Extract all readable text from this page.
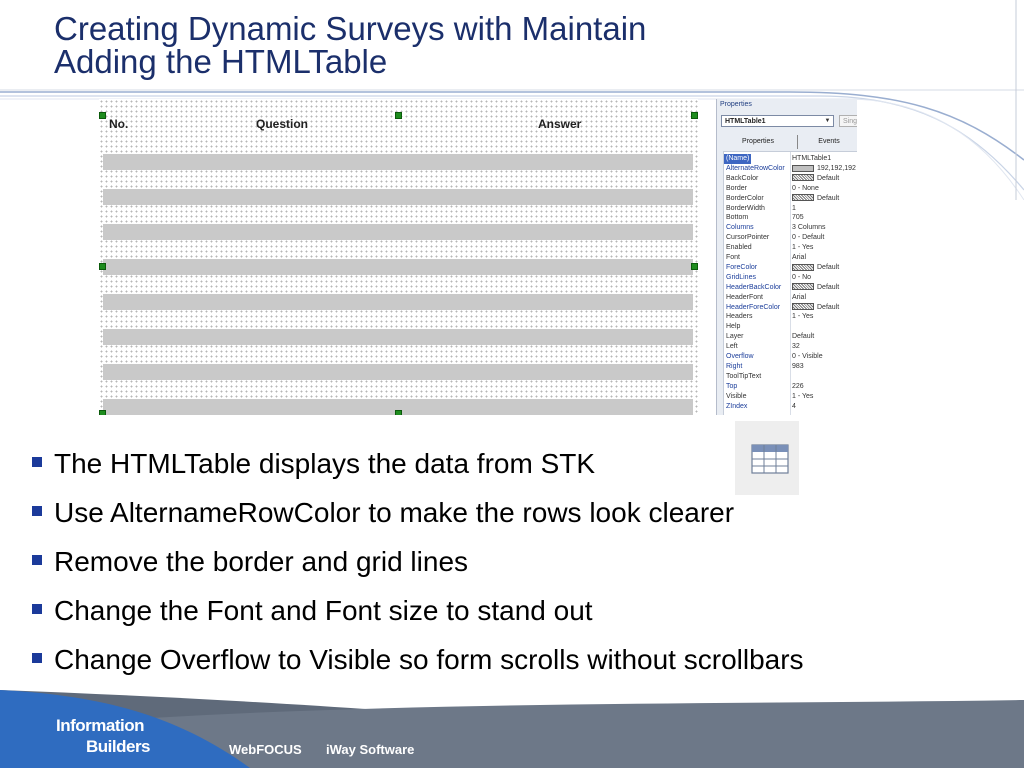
Creating Dynamic Surveys with Maintain
Adding the HTMLTable
No.	Question	Answer
Properties
HTMLTable1	▼	Sing
Properties	Events
(Name)	HTMLTable1
AlternateRowColor	192,192,192
BackColor	Default
Border	0 - None
BorderColor	Default
BorderWidth	1
Bottom	705
Columns	3 Columns
CursorPointer	0 - Default
Enabled	1 - Yes
Font	Arial
ForeColor	Default
GridLines	0 - No
HeaderBackColor	Default
HeaderFont	Arial
HeaderForeColor	Default
Headers	1 - Yes
Help
Layer	Default
Left	32
Overflow	0 - Visible
Right	983
ToolTipText
Top	226
Visible	1 - Yes
ZIndex	4
The HTMLTable displays the data from STK
Use AlternameRowColor to make the rows look clearer
Remove the border and grid lines
Change the Font and Font size to stand out
Change Overflow to Visible so form scrolls without scrollbars
Information
Builders	WebFOCUS iWay Software
